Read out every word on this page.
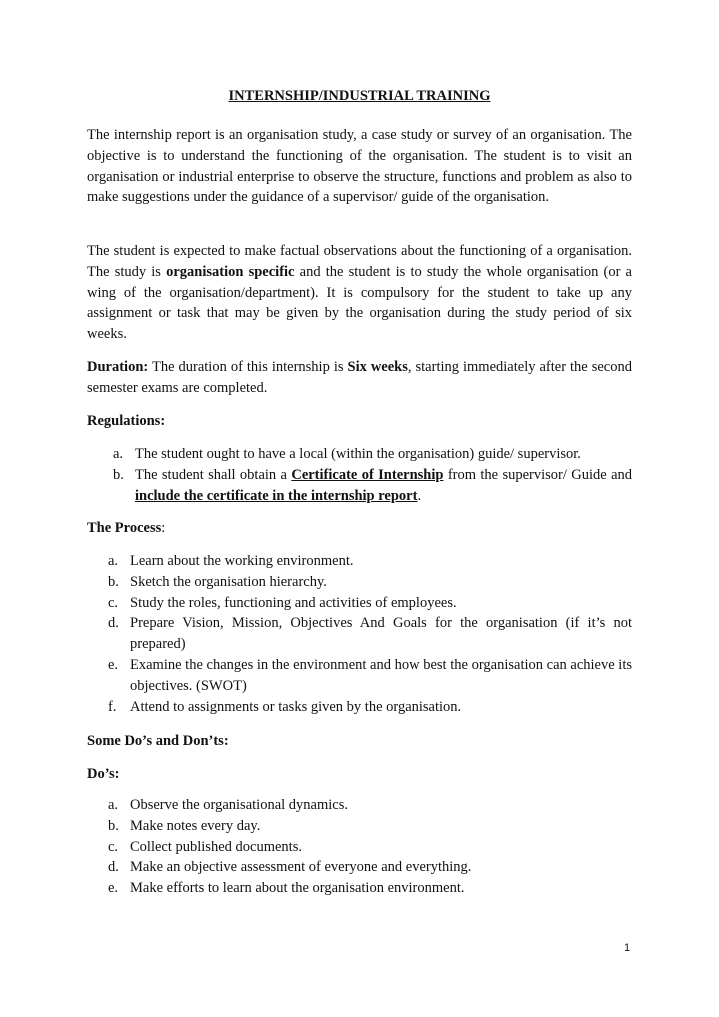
INTERNSHIP/INDUSTRIAL TRAINING

The internship report is an organisation study, a case study or survey of an organisation. The objective is to understand the functioning of the organisation. The student is to visit an organisation or industrial enterprise to observe the structure, functions and problem as also to make suggestions under the guidance of a supervisor/ guide of the organisation.

The student is expected to make factual observations about the functioning of a organisation. The study is organisation specific and the student is to study the whole organisation (or a wing of the organisation/department). It is compulsory for the student to take up any assignment or task that may be given by the organisation during the study period of six weeks.

Duration: The duration of this internship is Six weeks, starting immediately after the second semester exams are completed.

Regulations:

a. The student ought to have a local (within the organisation) guide/ supervisor.
b. The student shall obtain a Certificate of Internship from the supervisor/ Guide and include the certificate in the internship report.

The Process:

a. Learn about the working environment.
b. Sketch the organisation hierarchy.
c. Study the roles, functioning and activities of employees.
d. Prepare Vision, Mission, Objectives And Goals for the organisation (if it’s not prepared)
e. Examine the changes in the environment and how best the organisation can achieve its objectives. (SWOT)
f. Attend to assignments or tasks given by the organisation.

Some Do’s and Don’ts:

Do’s:

a. Observe the organisational dynamics.
b. Make notes every day.
c. Collect published documents.
d. Make an objective assessment of everyone and everything.
e. Make efforts to learn about the organisation environment.
1
